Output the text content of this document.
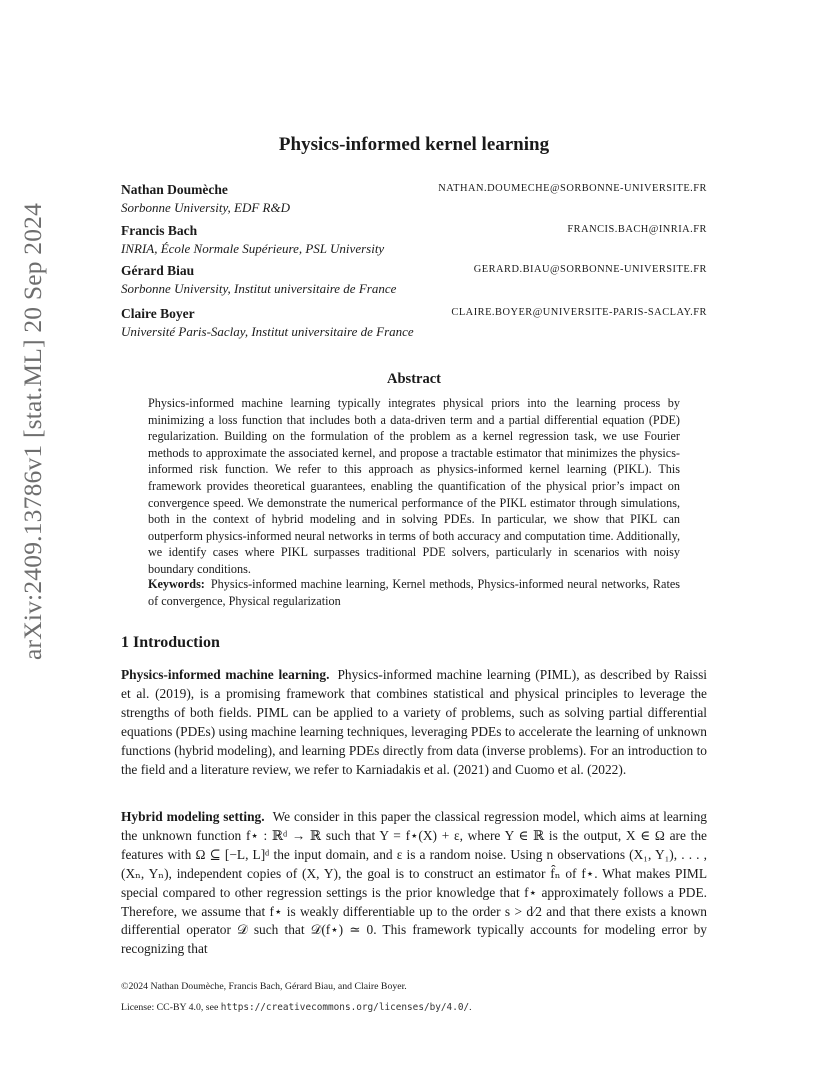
arXiv:2409.13786v1 [stat.ML] 20 Sep 2024
Physics-informed kernel learning
Nathan Doumèche	NATHAN.DOUMECHE@SORBONNE-UNIVERSITE.FR
Sorbonne University, EDF R&D
Francis Bach	FRANCIS.BACH@INRIA.FR
INRIA, École Normale Supérieure, PSL University
Gérard Biau	GERARD.BIAU@SORBONNE-UNIVERSITE.FR
Sorbonne University, Institut universitaire de France
Claire Boyer	CLAIRE.BOYER@UNIVERSITE-PARIS-SACLAY.FR
Université Paris-Saclay, Institut universitaire de France
Abstract
Physics-informed machine learning typically integrates physical priors into the learning process by minimizing a loss function that includes both a data-driven term and a partial differential equation (PDE) regularization. Building on the formulation of the problem as a kernel regression task, we use Fourier methods to approximate the associated kernel, and propose a tractable estimator that minimizes the physics-informed risk function. We refer to this approach as physics-informed kernel learning (PIKL). This framework provides theoretical guarantees, enabling the quantification of the physical prior’s impact on convergence speed. We demonstrate the numerical performance of the PIKL estimator through simulations, both in the context of hybrid modeling and in solving PDEs. In particular, we show that PIKL can outperform physics-informed neural networks in terms of both accuracy and computation time. Additionally, we identify cases where PIKL surpasses traditional PDE solvers, particularly in scenarios with noisy boundary conditions.
Keywords: Physics-informed machine learning, Kernel methods, Physics-informed neural networks, Rates of convergence, Physical regularization
1 Introduction
Physics-informed machine learning. Physics-informed machine learning (PIML), as described by Raissi et al. (2019), is a promising framework that combines statistical and physical principles to leverage the strengths of both fields. PIML can be applied to a variety of problems, such as solving partial differential equations (PDEs) using machine learning techniques, leveraging PDEs to accelerate the learning of unknown functions (hybrid modeling), and learning PDEs directly from data (inverse problems). For an introduction to the field and a literature review, we refer to Karniadakis et al. (2021) and Cuomo et al. (2022).
Hybrid modeling setting. We consider in this paper the classical regression model, which aims at learning the unknown function f⋆ : ℝᵈ → ℝ such that Y = f⋆(X) + ε, where Y ∈ ℝ is the output, X ∈ Ω are the features with Ω ⊆ [−L, L]ᵈ the input domain, and ε is a random noise. Using n observations (X₁, Y₁), . . . , (Xₙ, Yₙ), independent copies of (X, Y), the goal is to construct an estimator f̂ₙ of f⋆. What makes PIML special compared to other regression settings is the prior knowledge that f⋆ approximately follows a PDE. Therefore, we assume that f⋆ is weakly differentiable up to the order s > d⁄2 and that there exists a known differential operator 𝒟 such that 𝒟(f⋆) ≃ 0. This framework typically accounts for modeling error by recognizing that
©2024 Nathan Doumèche, Francis Bach, Gérard Biau, and Claire Boyer.
License: CC-BY 4.0, see https://creativecommons.org/licenses/by/4.0/.
